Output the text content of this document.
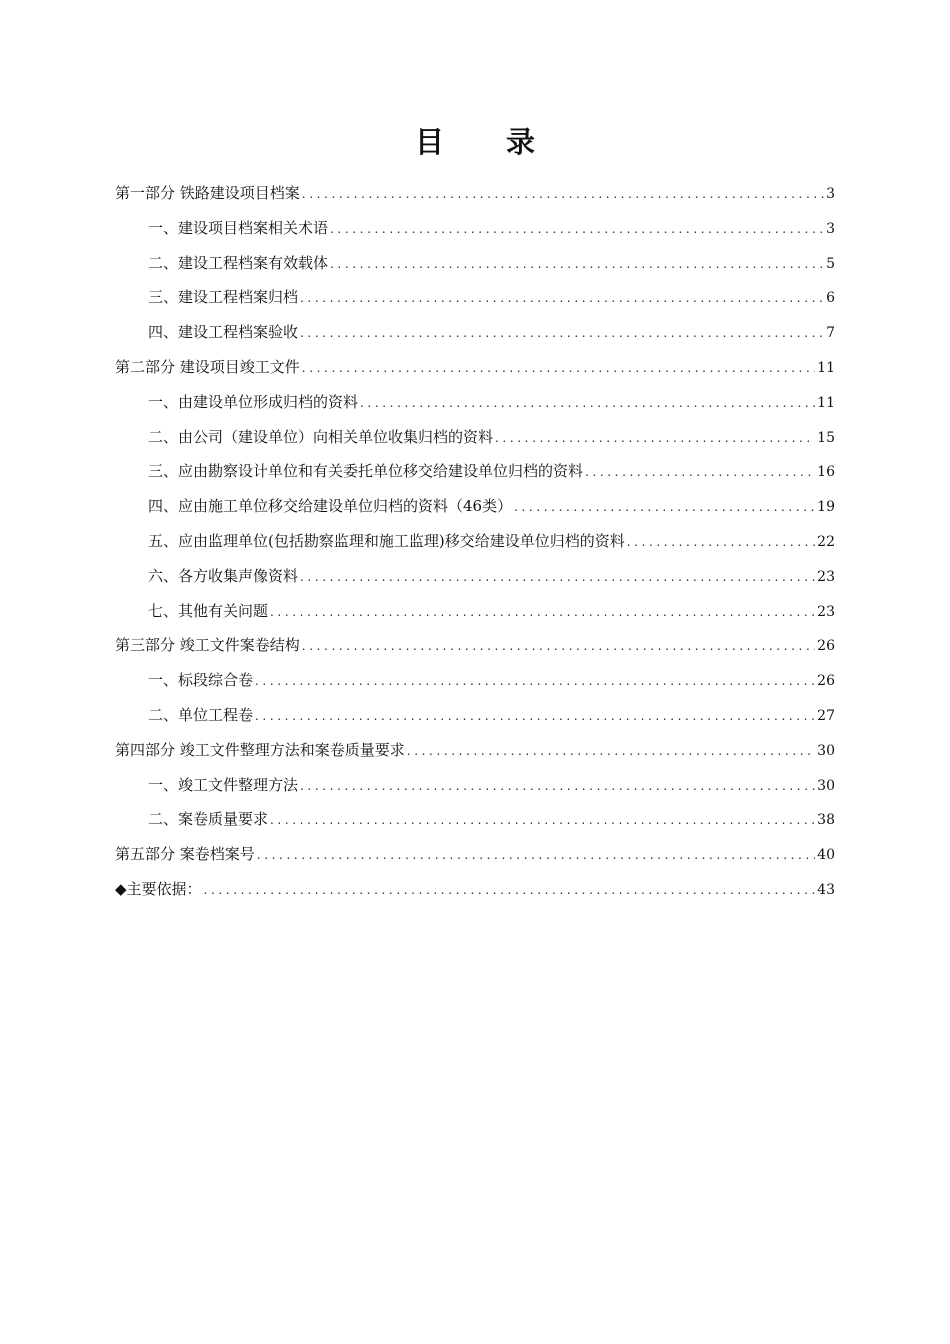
目 录
第一部分 铁路建设项目档案 .....	3
一、建设项目档案相关术语 .....	3
二、建设工程档案有效载体 .....	5
三、建设工程档案归档 .....	6
四、建设工程档案验收 .....	7
第二部分 建设项目竣工文件 .....	11
一、由建设单位形成归档的资料 .....	11
二、由公司（建设单位）向相关单位收集归档的资料 .....	15
三、应由勘察设计单位和有关委托单位移交给建设单位归档的资料 .....	16
四、应由施工单位移交给建设单位归档的资料（46类） .....	19
五、应由监理单位(包括勘察监理和施工监理)移交给建设单位归档的资料 .....	22
六、各方收集声像资料 .....	23
七、其他有关问题 .....	23
第三部分 竣工文件案卷结构 .....	26
一、标段综合卷 .....	26
二、单位工程卷 .....	27
第四部分 竣工文件整理方法和案卷质量要求 .....	30
一、竣工文件整理方法 .....	30
二、案卷质量要求 .....	38
第五部分 案卷档案号 .....	40
◆主要依据： .....	43
